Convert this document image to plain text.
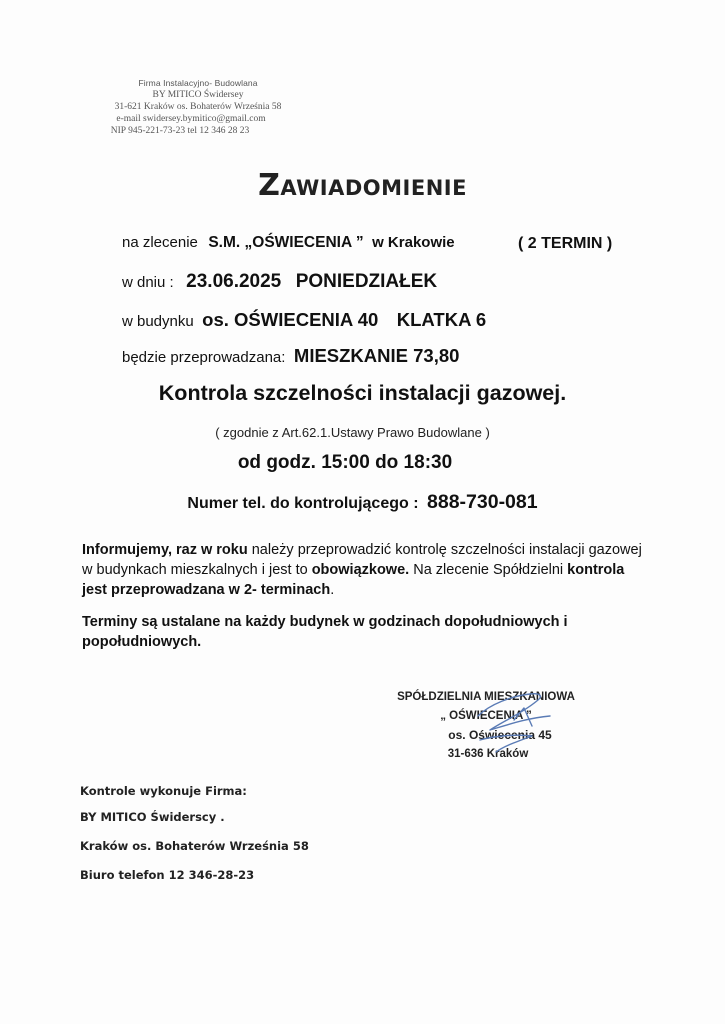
Firma Instalacyjno- Budowlana
BY MITICO Świdersey
31-621 Kraków os. Bohaterów Września 58
e-mail swidersey.bymitico@gmail.com
NIP 945-221-73-23 tel 12 346 28 23
Zawiadomienie
na zlecenie S.M. „OŚWIECENIA ” w Krakowie	( 2 TERMIN )
w dniu : 23.06.2025 PONIEDZIAŁEK
w budynku os. OŚWIECENIA 40 KLATKA 6
będzie przeprowadzana: MIESZKANIE 73,80
Kontrola szczelności instalacji gazowej.
( zgodnie z Art.62.1.Ustawy Prawo Budowlane )
od godz. 15:00 do 18:30
Numer tel. do kontrolującego : 888-730-081
Informujemy, raz w roku należy przeprowadzić kontrolę szczelności instalacji gazowej w budynkach mieszkalnych i jest to obowiązkowe. Na zlecenie Spółdzielni kontrola jest przeprowadzana w 2- terminach.
Terminy są ustalane na każdy budynek w godzinach dopołudniowych i popołudniowych.
SPÓŁDZIELNIA MIESZKANIOWA
„ OŚWIECENIA ”
os. Oświecenia 45
31-636 Kraków
Kontrole wykonuje Firma:
BY MITICO Świderscy .
Kraków os. Bohaterów Września 58
Biuro telefon 12 346-28-23
